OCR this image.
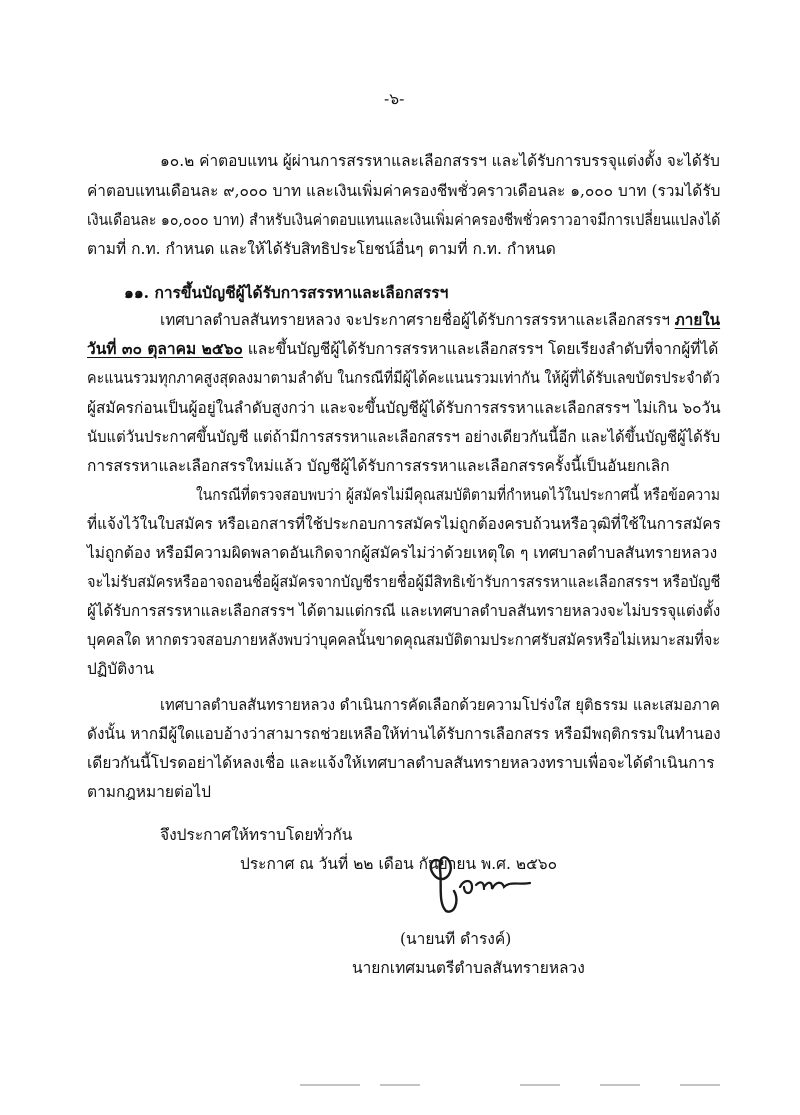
-๖-
๑๐.๒ ค่าตอบแทน ผู้ผ่านการสรรหาและเลือกสรรฯ และได้รับการบรรจุแต่งตั้ง จะได้รับ
ค่าตอบแทนเดือนละ ๙,๐๐๐ บาท และเงินเพิ่มค่าครองชีพชั่วคราวเดือนละ ๑,๐๐๐ บาท (รวมได้รับ
เงินเดือนละ ๑๐,๐๐๐ บาท) สำหรับเงินค่าตอบแทนและเงินเพิ่มค่าครองชีพชั่วคราวอาจมีการเปลี่ยนแปลงได้
ตามที่ ก.ท. กำหนด และให้ได้รับสิทธิประโยชน์อื่นๆ ตามที่ ก.ท. กำหนด
๑๑. การขึ้นบัญชีผู้ได้รับการสรรหาและเลือกสรรฯ
เทศบาลตำบลสันทรายหลวง จะประกาศรายชื่อผู้ได้รับการสรรหาและเลือกสรรฯ ภายใน
วันที่ ๓๐ ตุลาคม ๒๕๖๐ และขึ้นบัญชีผู้ได้รับการสรรหาและเลือกสรรฯ โดยเรียงลำดับที่จากผู้ที่ได้
คะแนนรวมทุกภาคสูงสุดลงมาตามลำดับ ในกรณีที่มีผู้ได้คะแนนรวมเท่ากัน ให้ผู้ที่ได้รับเลขบัตรประจำตัว
ผู้สมัครก่อนเป็นผู้อยู่ในลำดับสูงกว่า และจะขึ้นบัญชีผู้ได้รับการสรรหาและเลือกสรรฯ ไม่เกิน ๖๐วัน
นับแต่วันประกาศขึ้นบัญชี แต่ถ้ามีการสรรหาและเลือกสรรฯ อย่างเดียวกันนี้อีก และได้ขึ้นบัญชีผู้ได้รับ
การสรรหาและเลือกสรรใหม่แล้ว บัญชีผู้ได้รับการสรรหาและเลือกสรรครั้งนี้เป็นอันยกเลิก
ในกรณีที่ตรวจสอบพบว่า ผู้สมัครไม่มีคุณสมบัติตามที่กำหนดไว้ในประกาศนี้ หรือข้อความ
ที่แจ้งไว้ในใบสมัคร หรือเอกสารที่ใช้ประกอบการสมัครไม่ถูกต้องครบถ้วนหรือวุฒิที่ใช้ในการสมัคร
ไม่ถูกต้อง หรือมีความผิดพลาดอันเกิดจากผู้สมัครไม่ว่าด้วยเหตุใด ๆ เทศบาลตำบลสันทรายหลวง
จะไม่รับสมัครหรืออาจถอนชื่อผู้สมัครจากบัญชีรายชื่อผู้มีสิทธิเข้ารับการสรรหาและเลือกสรรฯ หรือบัญชี
ผู้ได้รับการสรรหาและเลือกสรรฯ ได้ตามแต่กรณี และเทศบาลตำบลสันทรายหลวงจะไม่บรรจุแต่งตั้ง
บุคคลใด หากตรวจสอบภายหลังพบว่าบุคคลนั้นขาดคุณสมบัติตามประกาศรับสมัครหรือไม่เหมาะสมที่จะ
ปฏิบัติงาน
เทศบาลตำบลสันทรายหลวง ดำเนินการคัดเลือกด้วยความโปร่งใส ยุติธรรม และเสมอภาค
ดังนั้น หากมีผู้ใดแอบอ้างว่าสามารถช่วยเหลือให้ท่านได้รับการเลือกสรร หรือมีพฤติกรรมในทำนอง
เดียวกันนี้โปรดอย่าได้หลงเชื่อ และแจ้งให้เทศบาลตำบลสันทรายหลวงทราบเพื่อจะได้ดำเนินการ
ตามกฎหมายต่อไป
จึงประกาศให้ทราบโดยทั่วกัน
ประกาศ ณ วันที่ ๒๒ เดือน กันยายน พ.ศ. ๒๕๖๐
(นายนที ดำรงค์)
นายกเทศมนตรีตำบลสันทรายหลวง
